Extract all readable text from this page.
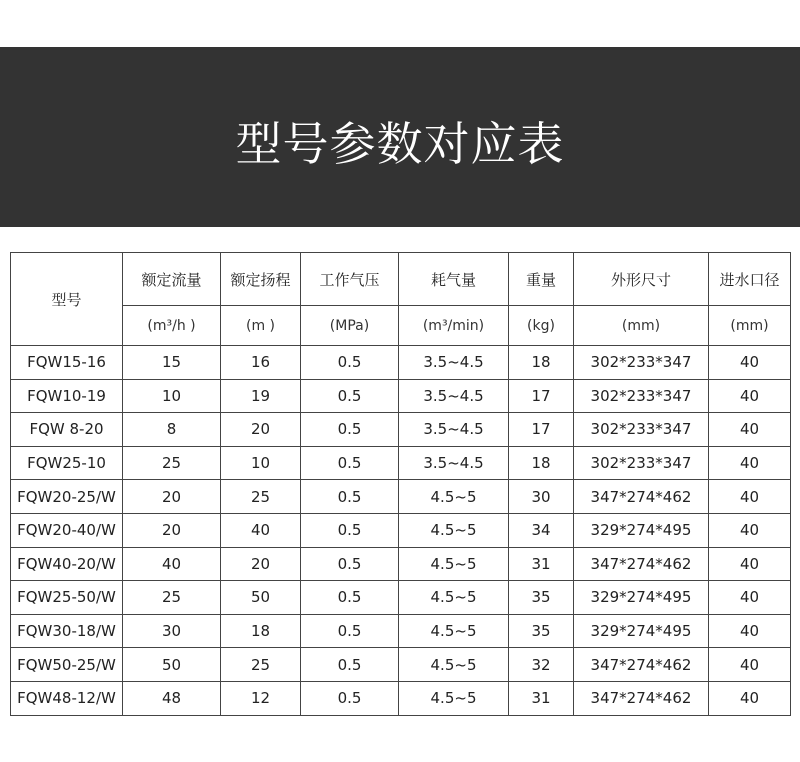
型号参数对应表
型号	额定流量	额定扬程	工作气压	耗气量	重量	外形尺寸	进水口径
	(m³/h )	(m )	(MPa)	(m³/min)	(kg)	(mm)	(mm)
FQW15-16	15	16	0.5	3.5~4.5	18	302*233*347	40
FQW10-19	10	19	0.5	3.5~4.5	17	302*233*347	40
FQW 8-20	8	20	0.5	3.5~4.5	17	302*233*347	40
FQW25-10	25	10	0.5	3.5~4.5	18	302*233*347	40
FQW20-25/W	20	25	0.5	4.5~5	30	347*274*462	40
FQW20-40/W	20	40	0.5	4.5~5	34	329*274*495	40
FQW40-20/W	40	20	0.5	4.5~5	31	347*274*462	40
FQW25-50/W	25	50	0.5	4.5~5	35	329*274*495	40
FQW30-18/W	30	18	0.5	4.5~5	35	329*274*495	40
FQW50-25/W	50	25	0.5	4.5~5	32	347*274*462	40
FQW48-12/W	48	12	0.5	4.5~5	31	347*274*462	40
